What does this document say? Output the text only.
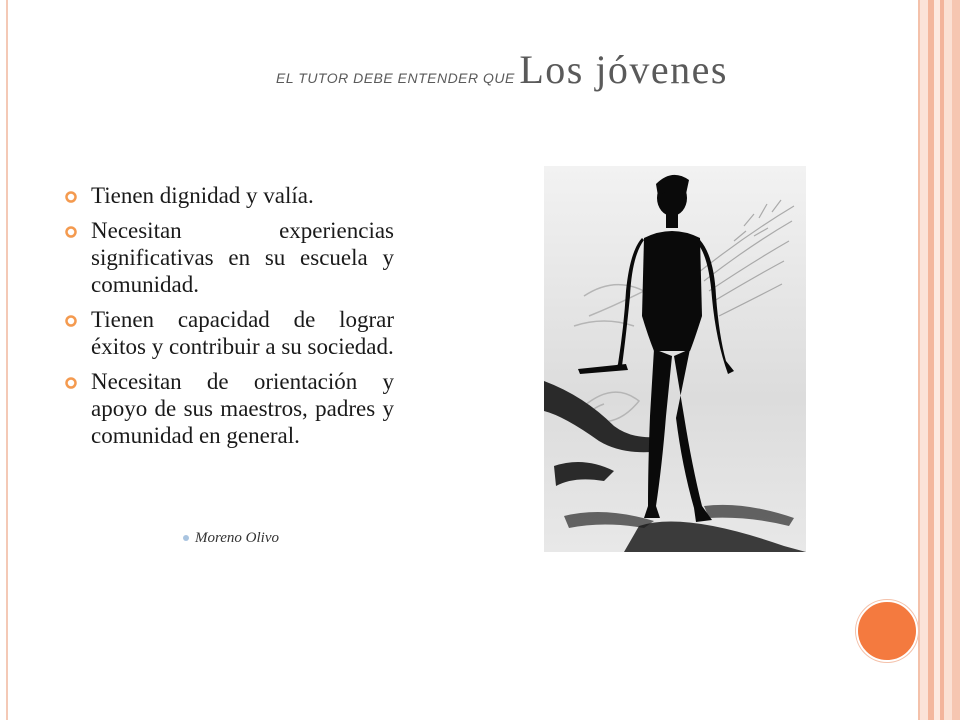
EL TUTOR DEBE ENTENDER QUE Los jóvenes
Tienen dignidad y valía.
Necesitan experiencias significativas en su escuela y comunidad.
Tienen capacidad de lograr éxitos y contribuir a su sociedad.
Necesitan de orientación y apoyo de sus maestros, padres y comunidad en general.
Moreno Olivo
